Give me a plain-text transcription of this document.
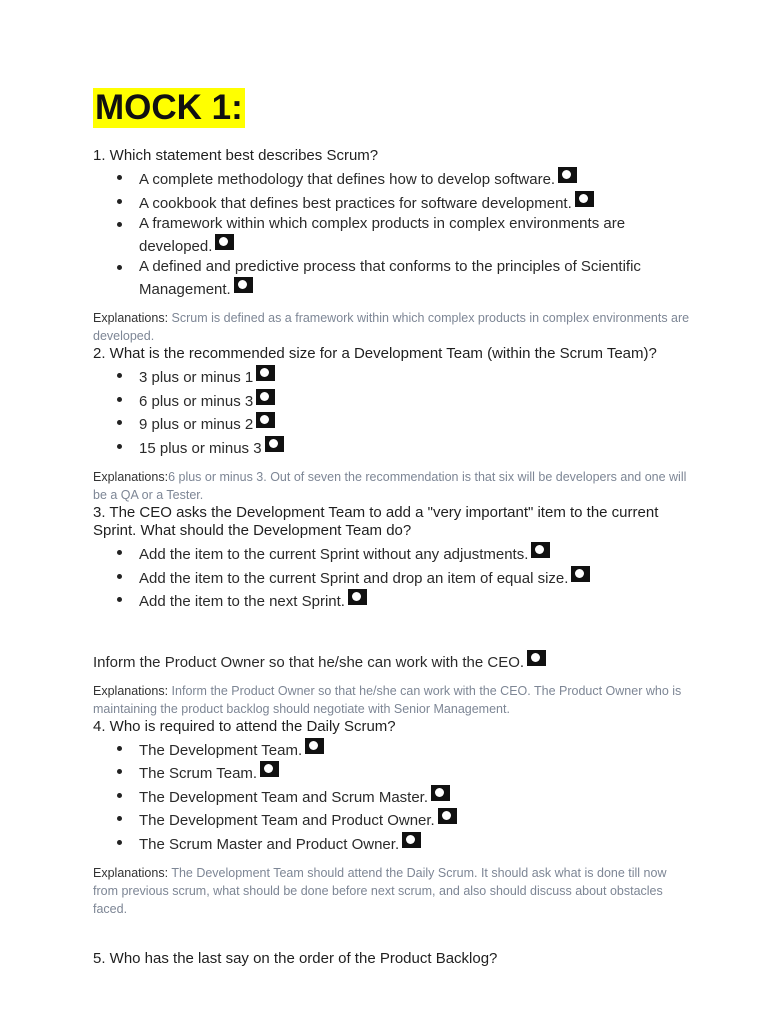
MOCK 1:

1. Which statement best describes Scrum?

A complete methodology that defines how to develop software.
A cookbook that defines best practices for software development.
A framework within which complex products in complex environments are developed.
A defined and predictive process that conforms to the principles of Scientific Management.

Explanations: Scrum is defined as a framework within which complex products in complex environments are developed.

2. What is the recommended size for a Development Team (within the Scrum Team)?

3 plus or minus 1
6 plus or minus 3
9 plus or minus 2
15 plus or minus 3

Explanations:6 plus or minus 3. Out of seven the recommendation is that six will be developers and one will be a QA or a Tester.

3. The CEO asks the Development Team to add a "very important" item to the current Sprint. What should the Development Team do?

Add the item to the current Sprint without any adjustments.
Add the item to the current Sprint and drop an item of equal size.
Add the item to the next Sprint.

Inform the Product Owner so that he/she can work with the CEO.

Explanations: Inform the Product Owner so that he/she can work with the CEO. The Product Owner who is maintaining the product backlog should negotiate with Senior Management.

4. Who is required to attend the Daily Scrum?

The Development Team.
The Scrum Team.
The Development Team and Scrum Master.
The Development Team and Product Owner.
The Scrum Master and Product Owner.

Explanations: The Development Team should attend the Daily Scrum. It should ask what is done till now from previous scrum, what should be done before next scrum, and also should discuss about obstacles faced.

5. Who has the last say on the order of the Product Backlog?
